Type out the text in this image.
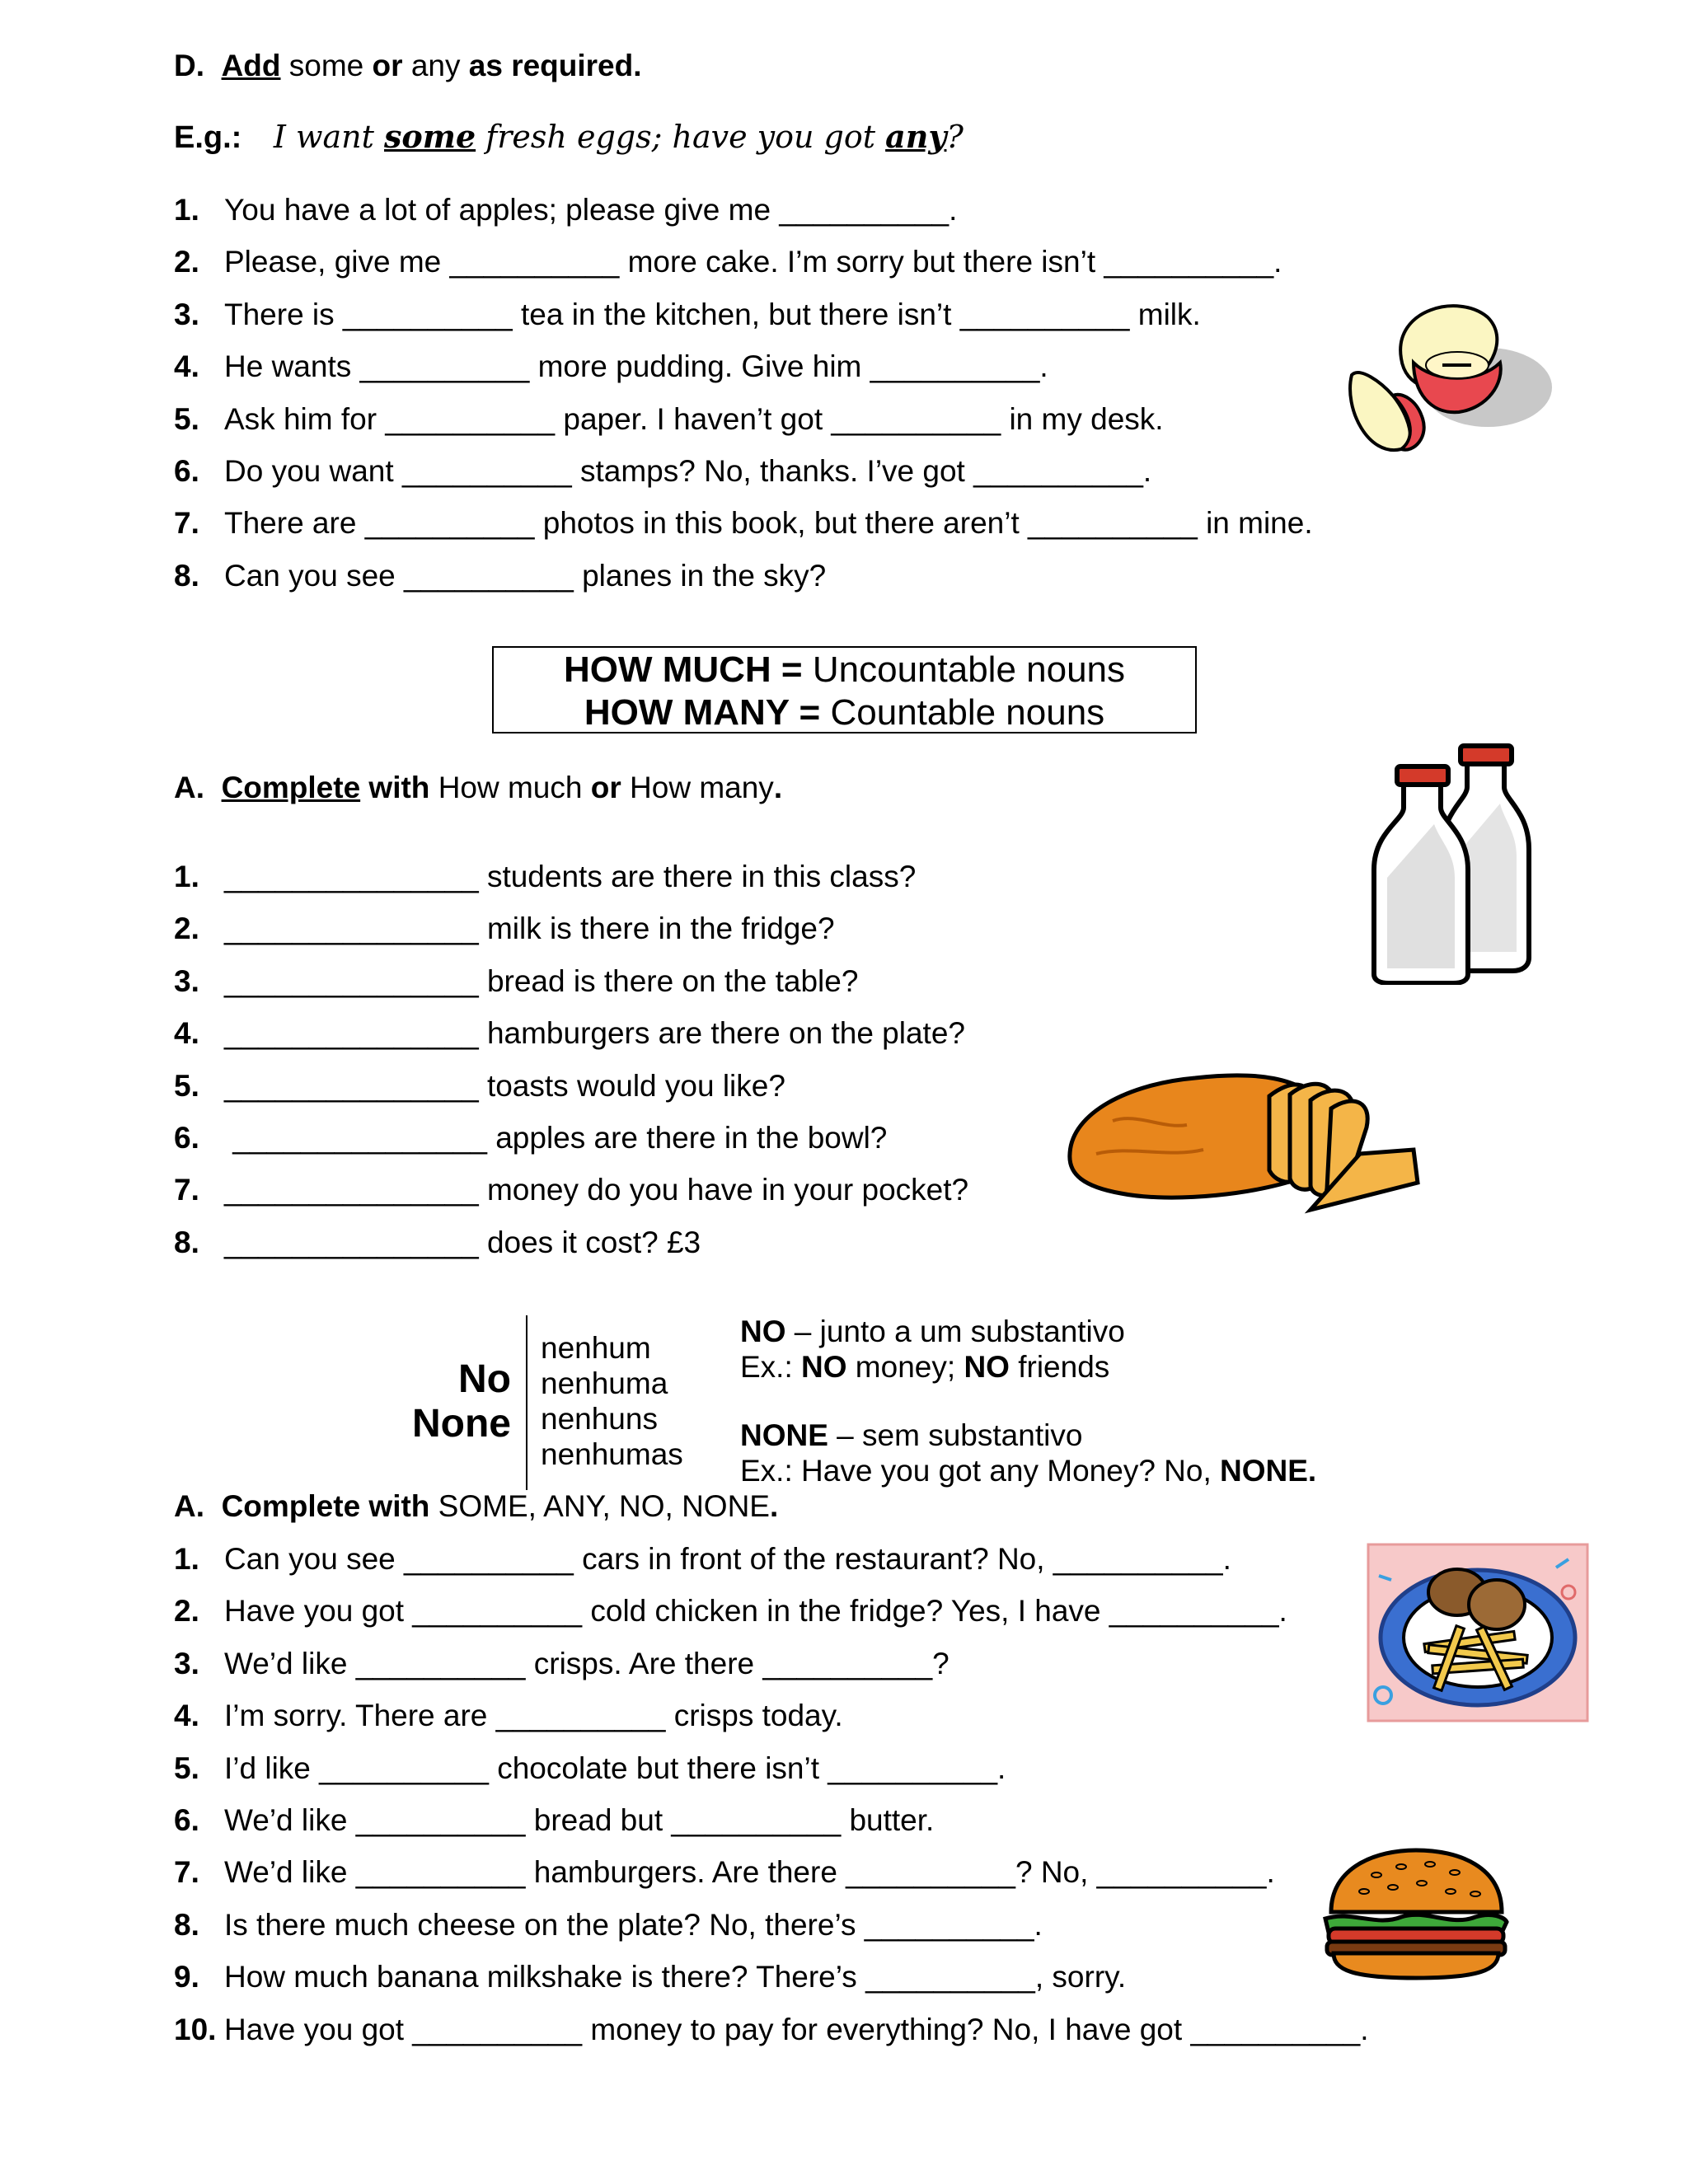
D. Add some or any as required.
E.g.: I want some fresh eggs; have you got any?
1. You have a lot of apples; please give me __________.
2. Please, give me __________ more cake. I’m sorry but there isn’t __________.
3. There is __________ tea in the kitchen, but there isn’t __________ milk.
4. He wants __________ more pudding. Give him __________.
5. Ask him for __________ paper. I haven’t got __________ in my desk.
6. Do you want __________ stamps? No, thanks. I’ve got __________.
7. There are __________ photos in this book, but there aren’t __________ in mine.
8. Can you see __________ planes in the sky?
HOW MUCH = Uncountable nouns
HOW MANY = Countable nouns
A. Complete with How much or How many.
1. _______________ students are there in this class?
2. _______________ milk is there in the fridge?
3. _______________ bread is there on the table?
4. _______________ hamburgers are there on the plate?
5. _______________ toasts would you like?
6. _______________ apples are there in the bowl?
7. _______________ money do you have in your pocket?
8. _______________ does it cost? £3
No
None
nenhum
nenhuma
nenhuns
nenhumas
NO – junto a um substantivo
Ex.: NO money; NO friends
NONE – sem substantivo
Ex.: Have you got any Money? No, NONE.
A. Complete with SOME, ANY, NO, NONE.
1. Can you see __________ cars in front of the restaurant? No, __________.
2. Have you got __________ cold chicken in the fridge? Yes, I have __________.
3. We’d like __________ crisps. Are there __________?
4. I’m sorry. There are __________ crisps today.
5. I’d like __________ chocolate but there isn’t __________.
6. We’d like __________ bread but __________ butter.
7. We’d like __________ hamburgers. Are there __________? No, __________.
8. Is there much cheese on the plate? No, there’s __________.
9. How much banana milkshake is there? There’s __________, sorry.
10. Have you got __________ money to pay for everything? No, I have got __________.
